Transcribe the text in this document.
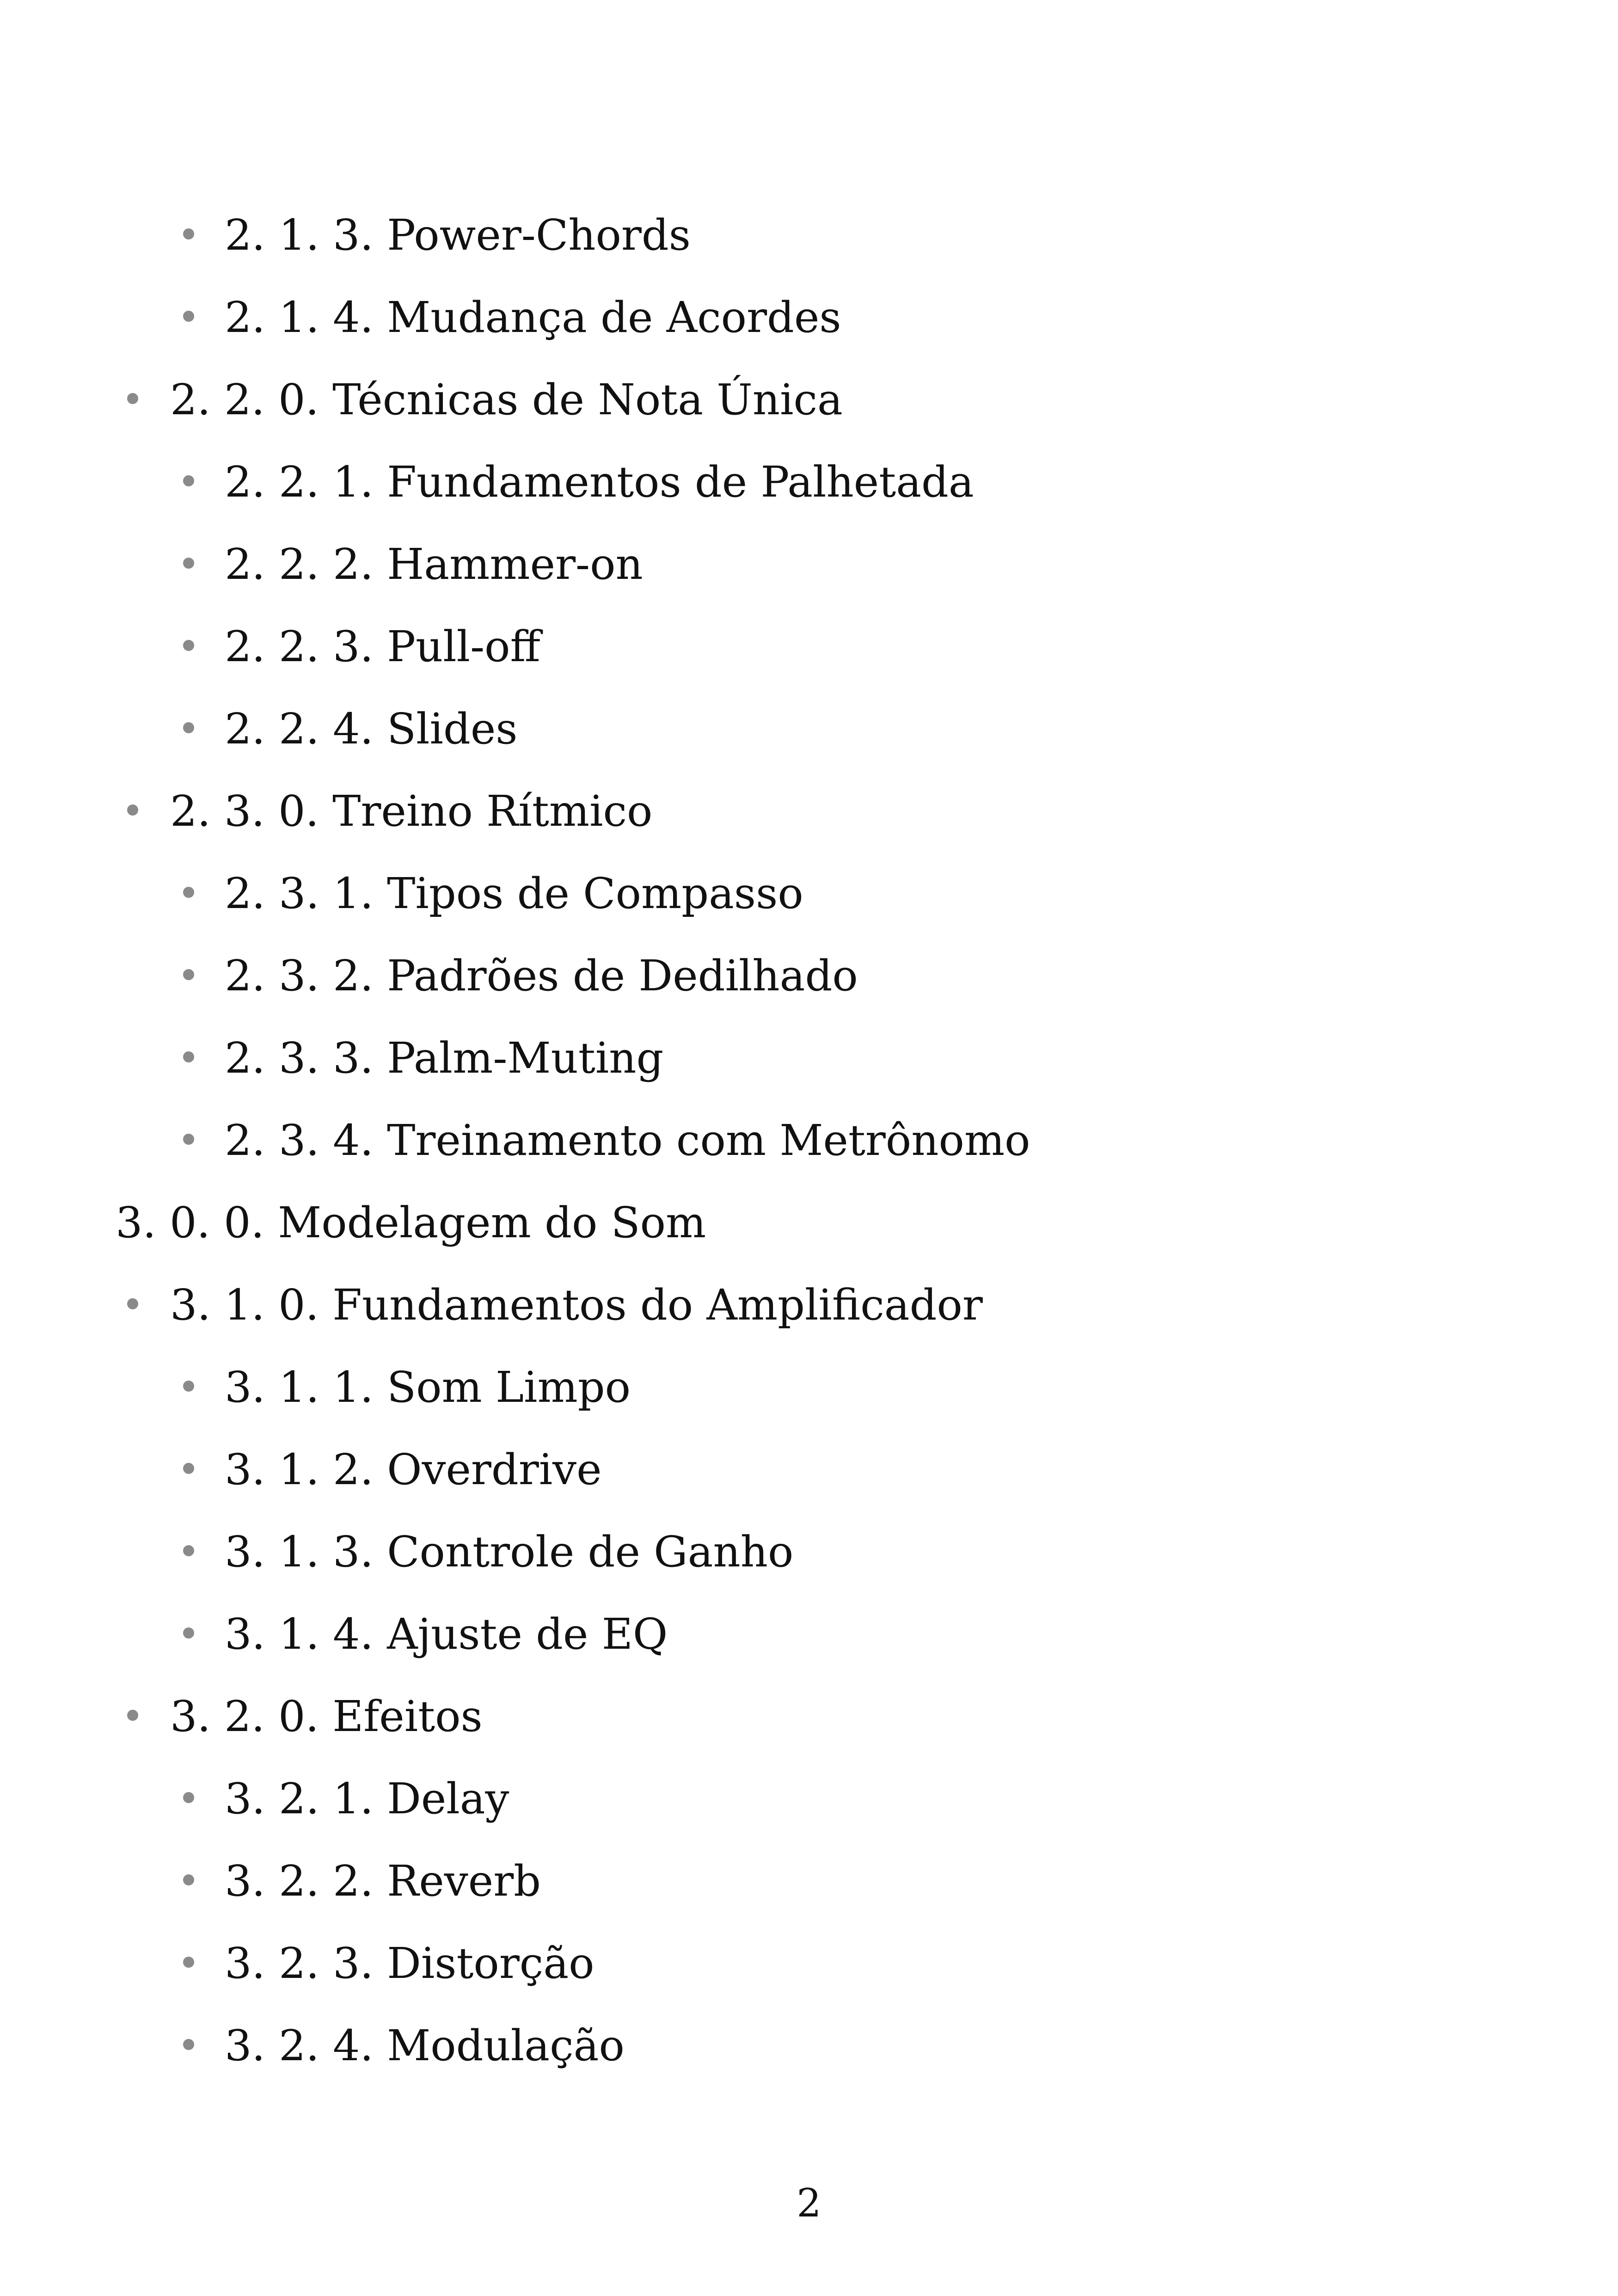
2. 1. 3. Power-Chords
2. 1. 4. Mudança de Acordes
2. 2. 0. Técnicas de Nota Única
2. 2. 1. Fundamentos de Palhetada
2. 2. 2. Hammer-on
2. 2. 3. Pull-off
2. 2. 4. Slides
2. 3. 0. Treino Rítmico
2. 3. 1. Tipos de Compasso
2. 3. 2. Padrões de Dedilhado
2. 3. 3. Palm-Muting
2. 3. 4. Treinamento com Metrônomo
3. 0. 0. Modelagem do Som
3. 1. 0. Fundamentos do Amplificador
3. 1. 1. Som Limpo
3. 1. 2. Overdrive
3. 1. 3. Controle de Ganho
3. 1. 4. Ajuste de EQ
3. 2. 0. Efeitos
3. 2. 1. Delay
3. 2. 2. Reverb
3. 2. 3. Distorção
3. 2. 4. Modulação
2
